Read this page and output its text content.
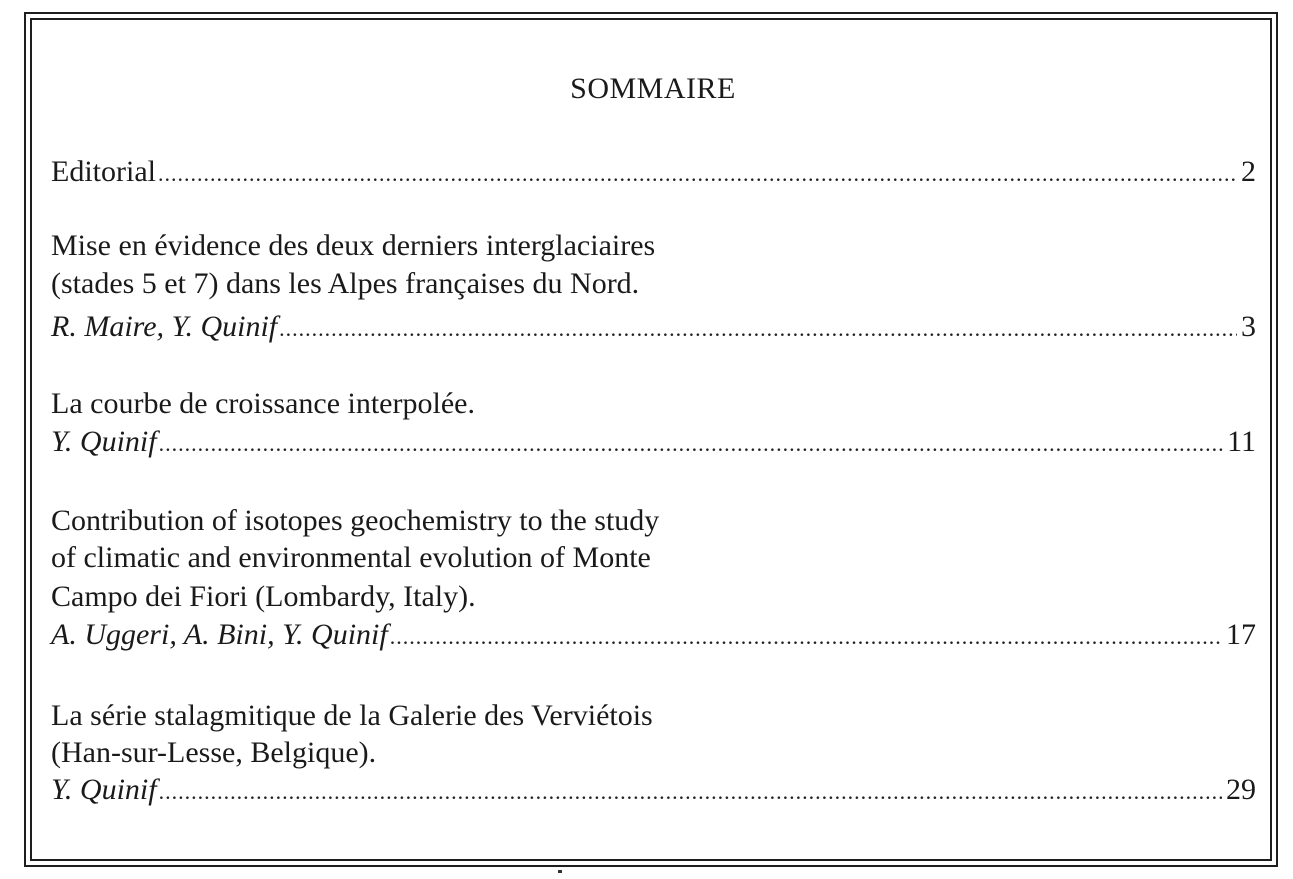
SOMMAIRE
Editorial .....	2
Mise en évidence des deux derniers interglaciaires
(stades 5 et 7) dans les Alpes françaises du Nord.
R. Maire, Y. Quinif .....	3
La courbe de croissance interpolée.
Y. Quinif .....	11
Contribution of isotopes geochemistry to the study
of climatic and environmental evolution of Monte
Campo dei Fiori (Lombardy, Italy).
A. Uggeri, A. Bini, Y. Quinif .....	17
La série stalagmitique de la Galerie des Verviétois
(Han-sur-Lesse, Belgique).
Y. Quinif .....	29
